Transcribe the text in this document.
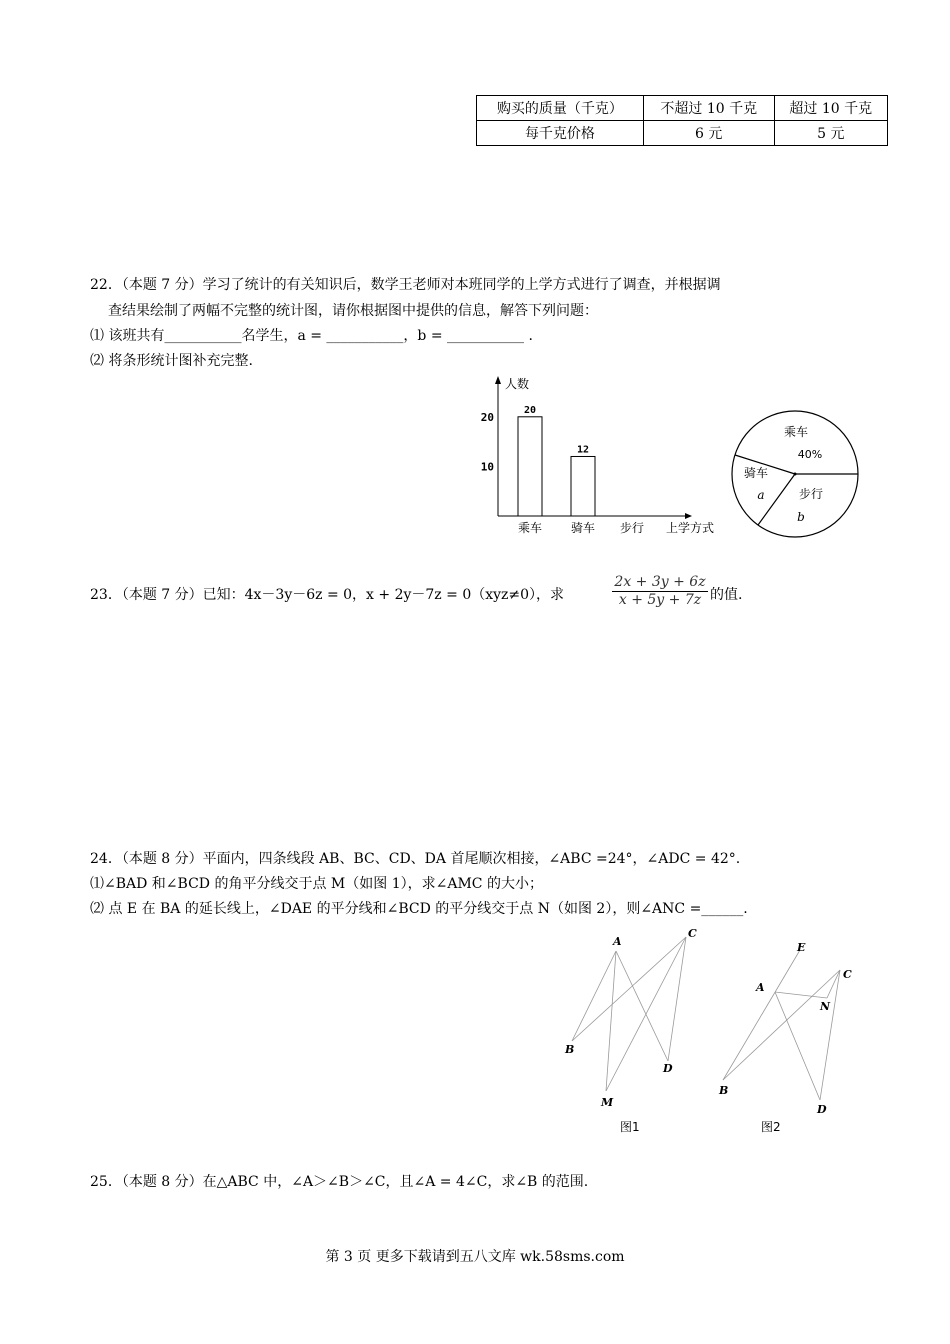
购买的质量（千克）	不超过 10 千克	超过 10 千克
每千克价格	6 元	5 元
22．（本题 7 分）学习了统计的有关知识后，数学王老师对本班同学的上学方式进行了调查，并根据调
查结果绘制了两幅不完整的统计图，请你根据图中提供的信息，解答下列问题：
⑴ 该班共有___________名学生，a = ___________，b = ___________ .
⑵ 将条形统计图补充完整.
人数
10
20
20
12
乘车 骑车 步行 上学方式
乘车
40%
骑车
a	步行
b
23．（本题 7 分）已知：4x－3y－6z = 0，x + 2y－7z = 0（xyz≠0），求	$\frac{2x + 3y + 6z}{x + 5y + 7z}$ 的值.
24．（本题 8 分）平面内，四条线段 AB、BC、CD、DA 首尾顺次相接，∠ABC =24°，∠ADC = 42°.
⑴∠BAD 和∠BCD 的角平分线交于点 M（如图 1），求∠AMC 的大小；
⑵ 点 E 在 BA 的延长线上，∠DAE 的平分线和∠BCD 的平分线交于点 N（如图 2），则∠ANC =______.
A
C
B
D
M
图1
E
C
A
N
B
D
图2
25．（本题 8 分）在△ABC 中，∠A＞∠B＞∠C，且∠A = 4∠C，求∠B 的范围.
第 3 页 更多下载请到五八文库 wk.58sms.com
